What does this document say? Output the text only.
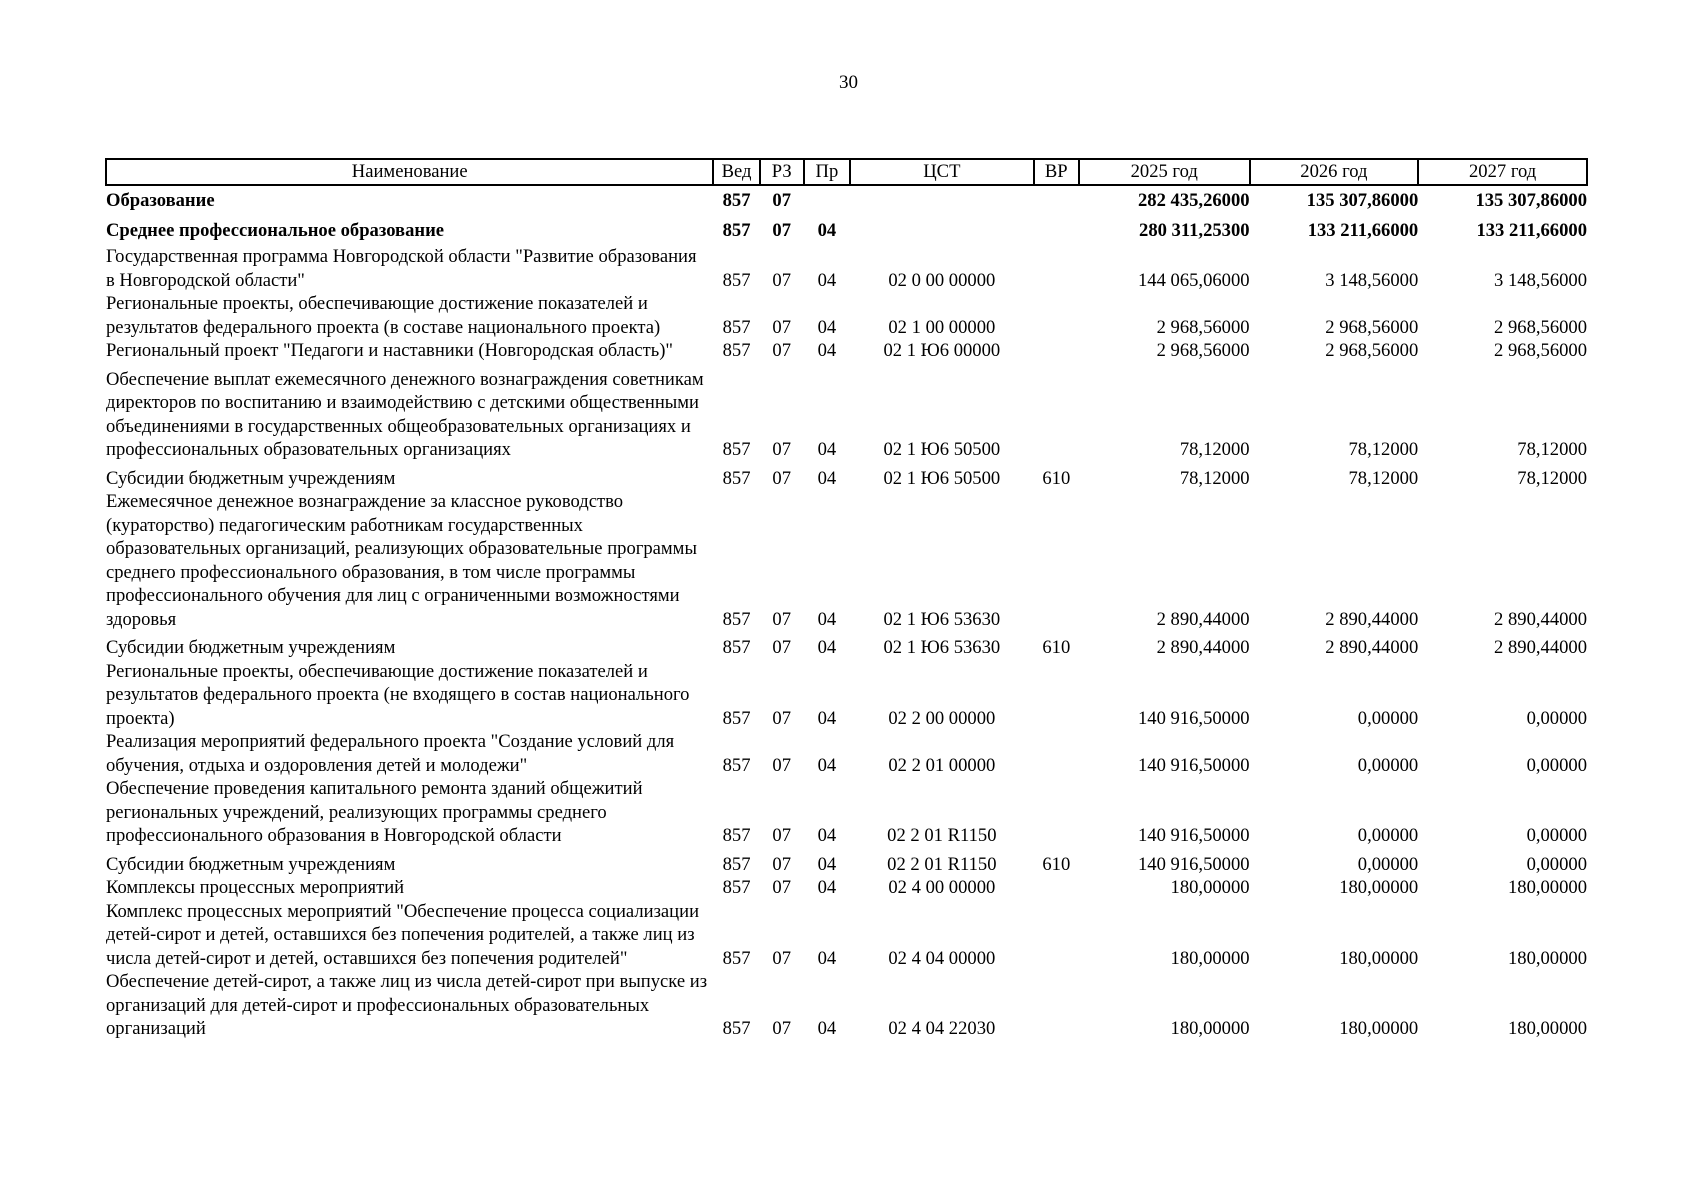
30
Наименование	Вед	РЗ	Пр	ЦСТ	ВР	2025 год	2026 год	2027 год
Образование	857	07				282 435,26000	135 307,86000	135 307,86000
Среднее профессиональное образование	857	07	04			280 311,25300	133 211,66000	133 211,66000
Государственная программа Новгородской области "Развитие образования в Новгородской области"	857	07	04	02 0 00 00000		144 065,06000	3 148,56000	3 148,56000
Региональные проекты, обеспечивающие достижение показателей и результатов федерального проекта (в составе национального проекта)	857	07	04	02 1 00 00000		2 968,56000	2 968,56000	2 968,56000
Региональный проект "Педагоги и наставники (Новгородская область)"	857	07	04	02 1 Ю6 00000		2 968,56000	2 968,56000	2 968,56000
Обеспечение выплат ежемесячного денежного вознаграждения советникам директоров по воспитанию и взаимодействию с детскими общественными объединениями в государственных общеобразовательных организациях и профессиональных образовательных организациях	857	07	04	02 1 Ю6 50500		78,12000	78,12000	78,12000
Субсидии бюджетным учреждениям	857	07	04	02 1 Ю6 50500	610	78,12000	78,12000	78,12000
Ежемесячное денежное вознаграждение за классное руководство (кураторство) педагогическим работникам государственных образовательных организаций, реализующих образовательные программы среднего профессионального образования, в том числе программы профессионального обучения для лиц с ограниченными возможностями здоровья	857	07	04	02 1 Ю6 53630		2 890,44000	2 890,44000	2 890,44000
Субсидии бюджетным учреждениям	857	07	04	02 1 Ю6 53630	610	2 890,44000	2 890,44000	2 890,44000
Региональные проекты, обеспечивающие достижение показателей и результатов федерального проекта (не входящего в состав национального проекта)	857	07	04	02 2 00 00000		140 916,50000	0,00000	0,00000
Реализация мероприятий федерального проекта "Создание условий для обучения, отдыха и оздоровления детей и молодежи"	857	07	04	02 2 01 00000		140 916,50000	0,00000	0,00000
Обеспечение проведения капитального ремонта зданий общежитий региональных учреждений, реализующих программы среднего профессионального образования в Новгородской области	857	07	04	02 2 01 R1150		140 916,50000	0,00000	0,00000
Субсидии бюджетным учреждениям	857	07	04	02 2 01 R1150	610	140 916,50000	0,00000	0,00000
Комплексы процессных мероприятий	857	07	04	02 4 00 00000		180,00000	180,00000	180,00000
Комплекс процессных мероприятий "Обеспечение процесса социализации детей-сирот и детей, оставшихся без попечения родителей, а также лиц из числа детей-сирот и детей, оставшихся без попечения родителей"	857	07	04	02 4 04 00000		180,00000	180,00000	180,00000
Обеспечение детей-сирот, а также лиц из числа детей-сирот при выпуске из организаций для детей-сирот и профессиональных образовательных организаций	857	07	04	02 4 04 22030		180,00000	180,00000	180,00000
